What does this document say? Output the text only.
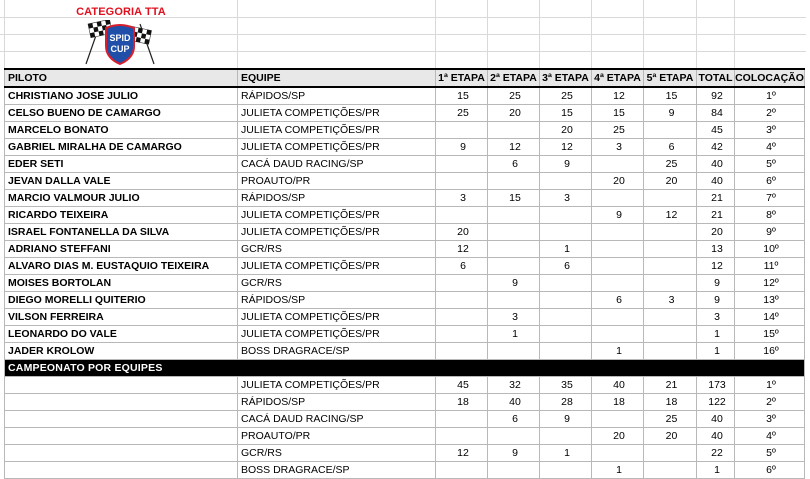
CATEGORIA TTA
SPID
CUP
PILOTO	EQUIPE	1ª ETAPA	2ª ETAPA	3ª ETAPA	4ª ETAPA	5ª ETAPA	TOTAL	COLOCAÇÃO
CHRISTIANO JOSE JULIO	RÁPIDOS/SP	15	25	25	12	15	92	1º
CELSO BUENO DE CAMARGO	JULIETA COMPETIÇÕES/PR	25	20	15	15	9	84	2º
MARCELO BONATO	JULIETA COMPETIÇÕES/PR			20	25		45	3º
GABRIEL MIRALHA DE CAMARGO	JULIETA COMPETIÇÕES/PR	9	12	12	3	6	42	4º
EDER SETI	CACÁ DAUD RACING/SP		6	9		25	40	5º
JEVAN DALLA VALE	PROAUTO/PR				20	20	40	6º
MARCIO VALMOUR JULIO	RÁPIDOS/SP	3	15	3			21	7º
RICARDO TEIXEIRA	JULIETA COMPETIÇÕES/PR				9	12	21	8º
ISRAEL FONTANELLA DA SILVA	JULIETA COMPETIÇÕES/PR	20					20	9º
ADRIANO STEFFANI	GCR/RS	12		1			13	10º
ALVARO DIAS M. EUSTAQUIO TEIXEIRA	JULIETA COMPETIÇÕES/PR	6		6			12	11º
MOISES BORTOLAN	GCR/RS		9				9	12º
DIEGO MORELLI QUITERIO	RÁPIDOS/SP				6	3	9	13º
VILSON FERREIRA	JULIETA COMPETIÇÕES/PR		3				3	14º
LEONARDO DO VALE	JULIETA COMPETIÇÕES/PR		1				1	15º
JADER KROLOW	BOSS DRAGRACE/SP				1		1	16º
CAMPEONATO POR EQUIPES								
	JULIETA COMPETIÇÕES/PR	45	32	35	40	21	173	1º
	RÁPIDOS/SP	18	40	28	18	18	122	2º
	CACÁ DAUD RACING/SP		6	9		25	40	3º
	PROAUTO/PR				20	20	40	4º
	GCR/RS	12	9	1			22	5º
	BOSS DRAGRACE/SP				1		1	6º
